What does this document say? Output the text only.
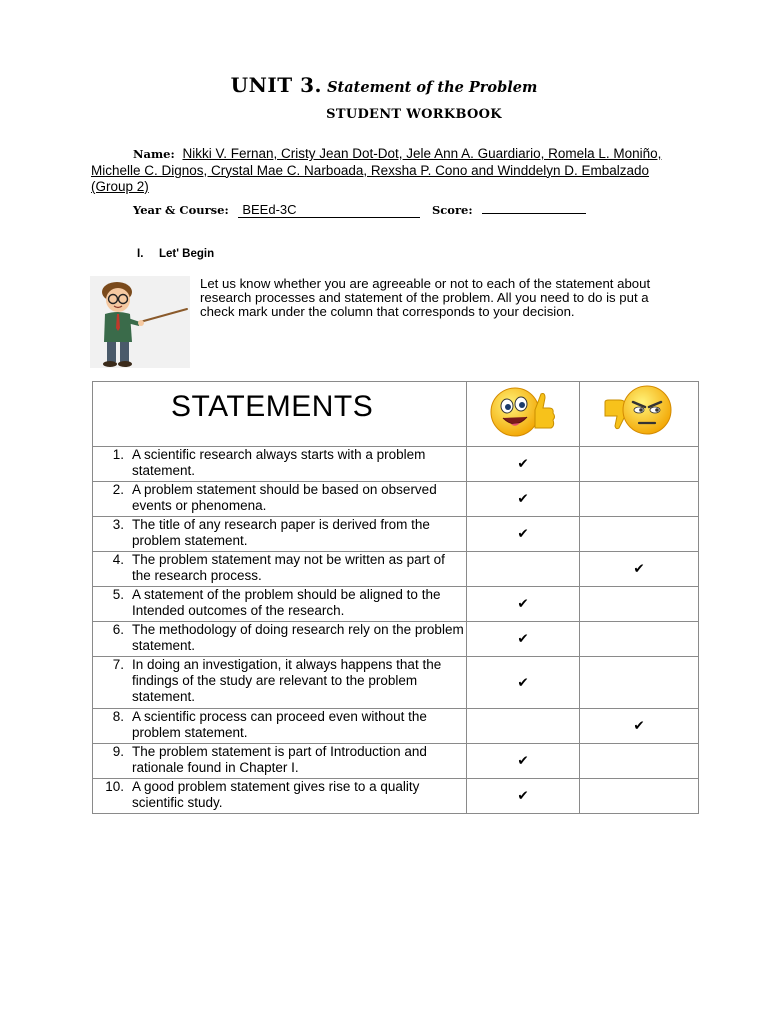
UNIT 3. Statement of the Problem
STUDENT WORKBOOK
Name: Nikki V. Fernan, Cristy Jean Dot-Dot, Jele Ann A. Guardiario, Romela L. Moniño, Michelle C. Dignos, Crystal Mae C. Narboada, Rexsha P. Cono and Winddelyn D. Embalzado (Group 2)
Year & Course: BEEd-3C	Score:
I. Let' Begin
Let us know whether you are agreeable or not to each of the statement about research processes and statement of the problem. All you need to do is put a check mark under the column that corresponds to your decision.
STATEMENTS	

1. A scientific research always starts with a problem statement.	✔	

2. A problem statement should be based on observed events or phenomena.	✔	

3. The title of any research paper is derived from the problem statement.	✔	

4. The problem statement may not be written as part of the research process.		✔

5. A statement of the problem should be aligned to the Intended outcomes of the research.	✔	

6. The methodology of doing research rely on the problem statement.	✔	

7. In doing an investigation, it always happens that the findings of the study are relevant to the problem statement.	✔	

8. A scientific process can proceed even without the problem statement.		✔

9. The problem statement is part of Introduction and rationale found in Chapter I.	✔	

10. A good problem statement gives rise to a quality scientific study.	✔	
